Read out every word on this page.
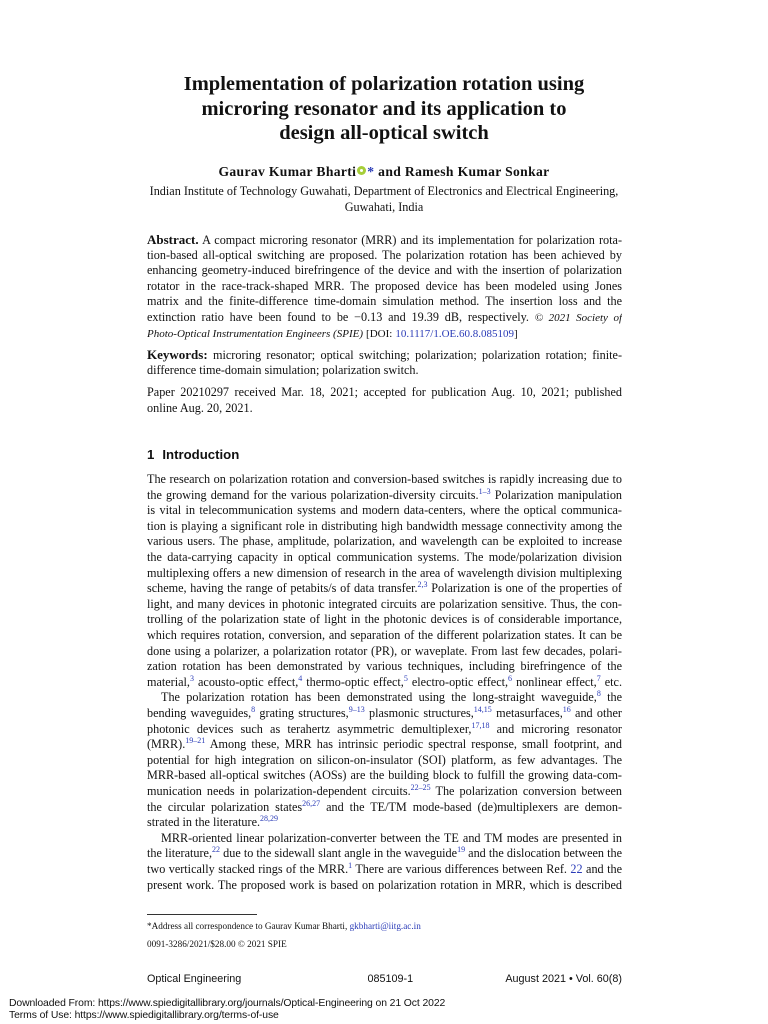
Implementation of polarization rotation using
microring resonator and its application to
design all-optical switch
Gaurav Kumar Bharti * and Ramesh Kumar Sonkar
Indian Institute of Technology Guwahati, Department of Electronics and Electrical Engineering,
Guwahati, India
Abstract. A compact microring resonator (MRR) and its implementation for polarization rota-
tion-based all-optical switching are proposed. The polarization rotation has been achieved by
enhancing geometry-induced birefringence of the device and with the insertion of polarization
rotator in the race-track-shaped MRR. The proposed device has been modeled using Jones
matrix and the finite-difference time-domain simulation method. The insertion loss and the
extinction ratio have been found to be −0.13 and 19.39 dB, respectively. © 2021 Society of
Photo-Optical Instrumentation Engineers (SPIE) [DOI: 10.1117/1.OE.60.8.085109]
Keywords: microring resonator; optical switching; polarization; polarization rotation; finite-
difference time-domain simulation; polarization switch.
Paper 20210297 received Mar. 18, 2021; accepted for publication Aug. 10, 2021; published
online Aug. 20, 2021.
1 Introduction
The research on polarization rotation and conversion-based switches is rapidly increasing due to
the growing demand for the various polarization-diversity circuits.$^{1-3}$ Polarization manipulation
is vital in telecommunication systems and modern data-centers, where the optical communica-
tion is playing a significant role in distributing high bandwidth message connectivity among the
various users. The phase, amplitude, polarization, and wavelength can be exploited to increase
the data-carrying capacity in optical communication systems. The mode/polarization division
multiplexing offers a new dimension of research in the area of wavelength division multiplexing
scheme, having the range of petabits/s of data transfer.$^{2,3}$ Polarization is one of the properties of
light, and many devices in photonic integrated circuits are polarization sensitive. Thus, the con-
trolling of the polarization state of light in the photonic devices is of considerable importance,
which requires rotation, conversion, and separation of the different polarization states. It can be
done using a polarizer, a polarization rotator (PR), or waveplate. From last few decades, polari-
zation rotation has been demonstrated by various techniques, including birefringence of the
material,$^3$ acousto-optic effect,$^4$ thermo-optic effect,$^5$ electro-optic effect,$^6$ nonlinear effect,$^7$ etc.
The polarization rotation has been demonstrated using the long-straight waveguide,$^8$ the
bending waveguides,$^8$ grating structures,$^{9-13}$ plasmonic structures,$^{14,15}$ metasurfaces,$^{16}$ and other
photonic devices such as terahertz asymmetric demultiplexer,$^{17,18}$ and microring resonator
(MRR).$^{19-21}$ Among these, MRR has intrinsic periodic spectral response, small footprint, and
potential for high integration on silicon-on-insulator (SOI) platform, as few advantages. The
MRR-based all-optical switches (AOSs) are the building block to fulfill the growing data-com-
munication needs in polarization-dependent circuits.$^{22-25}$ The polarization conversion between
the circular polarization states$^{26,27}$ and the TE/TM mode-based (de)multiplexers are demon-
strated in the literature.$^{28,29}$
MRR-oriented linear polarization-converter between the TE and TM modes are presented in
the literature,$^{22}$ due to the sidewall slant angle in the waveguide$^{19}$ and the dislocation between the
two vertically stacked rings of the MRR.$^1$ There are various differences between Ref. 22 and the
present work. The proposed work is based on polarization rotation in MRR, which is described
*Address all correspondence to Gaurav Kumar Bharti, gkbharti@iitg.ac.in
0091-3286/2021/$28.00 © 2021 SPIE
Optical Engineering	085109-1	August 2021 • Vol. 60(8)
Downloaded From: https://www.spiedigitallibrary.org/journals/Optical-Engineering on 21 Oct 2022
Terms of Use: https://www.spiedigitallibrary.org/terms-of-use
